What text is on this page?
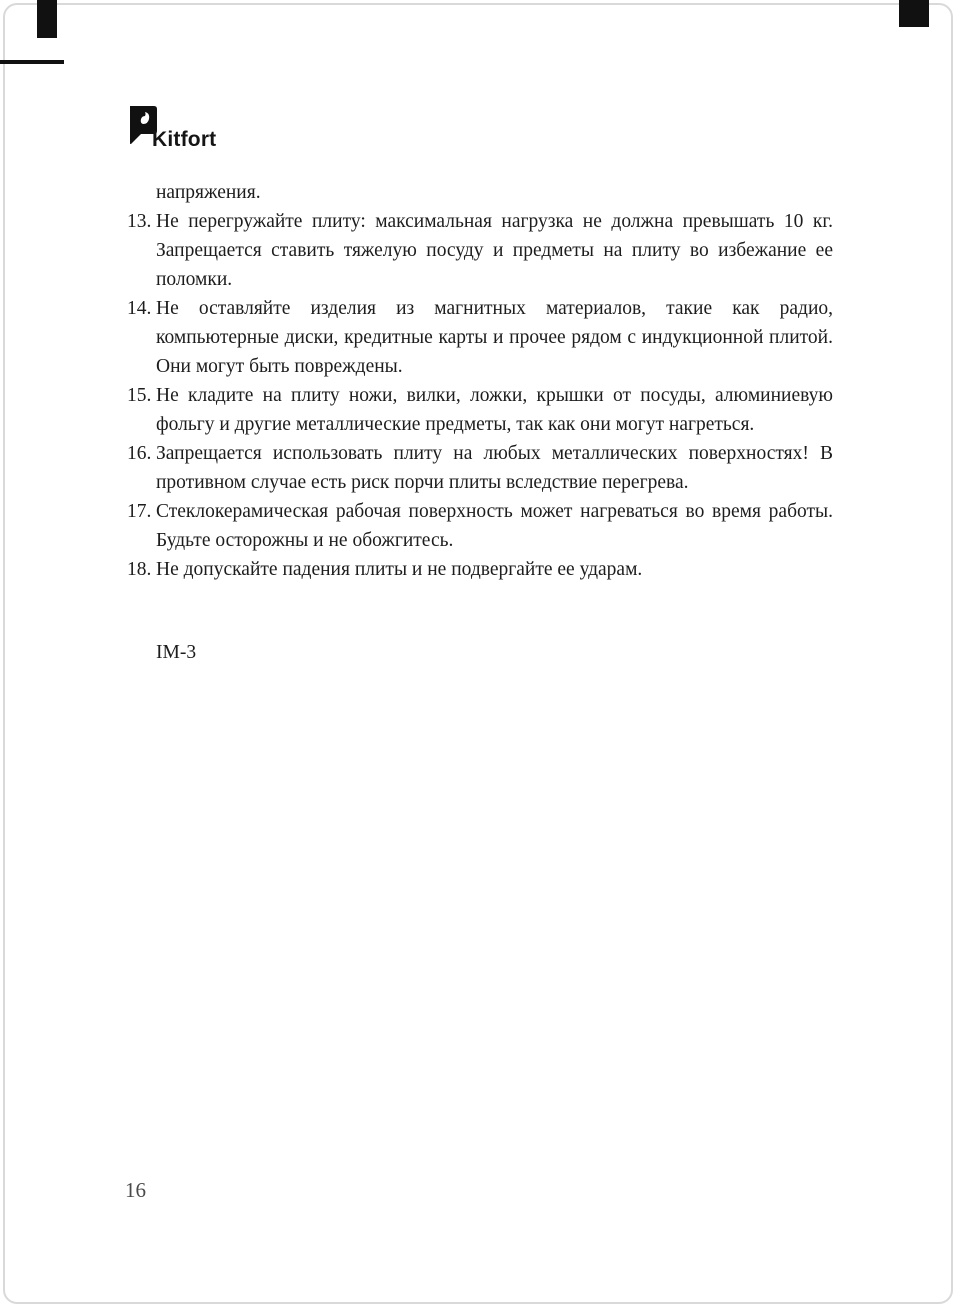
Kitfort

напряжения.

13. Не перегружайте плиту: максимальная нагрузка не должна превышать 10 кг. Запрещается ставить тяжелую посуду и предметы на плиту во избежание ее поломки.
14. Не оставляйте изделия из магнитных материалов, такие как радио, компьютерные диски, кредитные карты и прочее рядом с индукционной плитой. Они могут быть повреждены.
15. Не кладите на плиту ножи, вилки, ложки, крышки от посуды, алюминиевую фольгу и другие металлические предметы, так как они могут нагреться.
16. Запрещается использовать плиту на любых металлических поверхностях! В противном случае есть риск порчи плиты вследствие перегрева.
17. Стеклокерамическая рабочая поверхность может нагреваться во время работы. Будьте осторожны и не обожгитесь.
18. Не допускайте падения плиты и не подвергайте ее ударам.

IM-3

16
